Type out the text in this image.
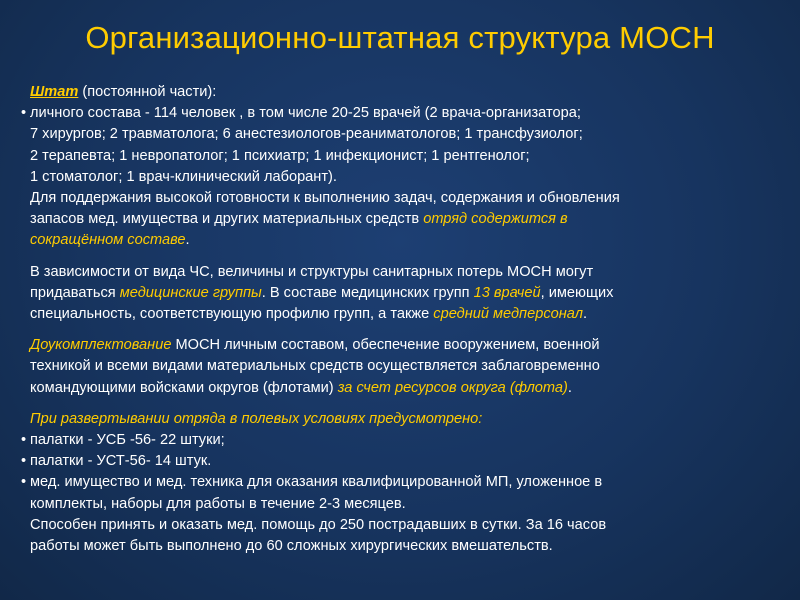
Организационно-штатная структура МОСН
Штат (постоянной части):
• личного состава - 114 человек , в том числе 20-25 врачей (2 врача-организатора;
7 хирургов; 2 травматолога; 6 анестезиологов-реаниматологов; 1 трансфузиолог;
2 терапевта; 1 невропатолог; 1 психиатр; 1 инфекционист; 1 рентгенолог;
1 стоматолог; 1 врач-клинический лаборант).
Для поддержания высокой готовности к выполнению задач, содержания и обновления
запасов мед. имущества и других материальных средств отряд содержится в
сокращённом составе.
В зависимости от вида ЧС, величины и структуры санитарных потерь МОСН могут
придаваться медицинские группы. В составе медицинских групп 13 врачей, имеющих
специальность, соответствующую профилю групп, а также средний медперсонал.
Доукомплектование МОСН личным составом, обеспечение вооружением, военной
техникой и всеми видами материальных средств осуществляется заблаговременно
командующими войсками округов (флотами) за счет ресурсов округа (флота).
При развертывании отряда в полевых условиях предусмотрено:
• палатки - УСБ -56- 22 штуки;
• палатки - УСТ-56- 14 штук.
• мед. имущество и мед. техника для оказания квалифицированной МП, уложенное в
комплекты, наборы для работы в течение 2-3 месяцев.
Способен принять и оказать мед. помощь до 250 пострадавших в сутки. За 16 часов
работы может быть выполнено до 60 сложных хирургических вмешательств.
